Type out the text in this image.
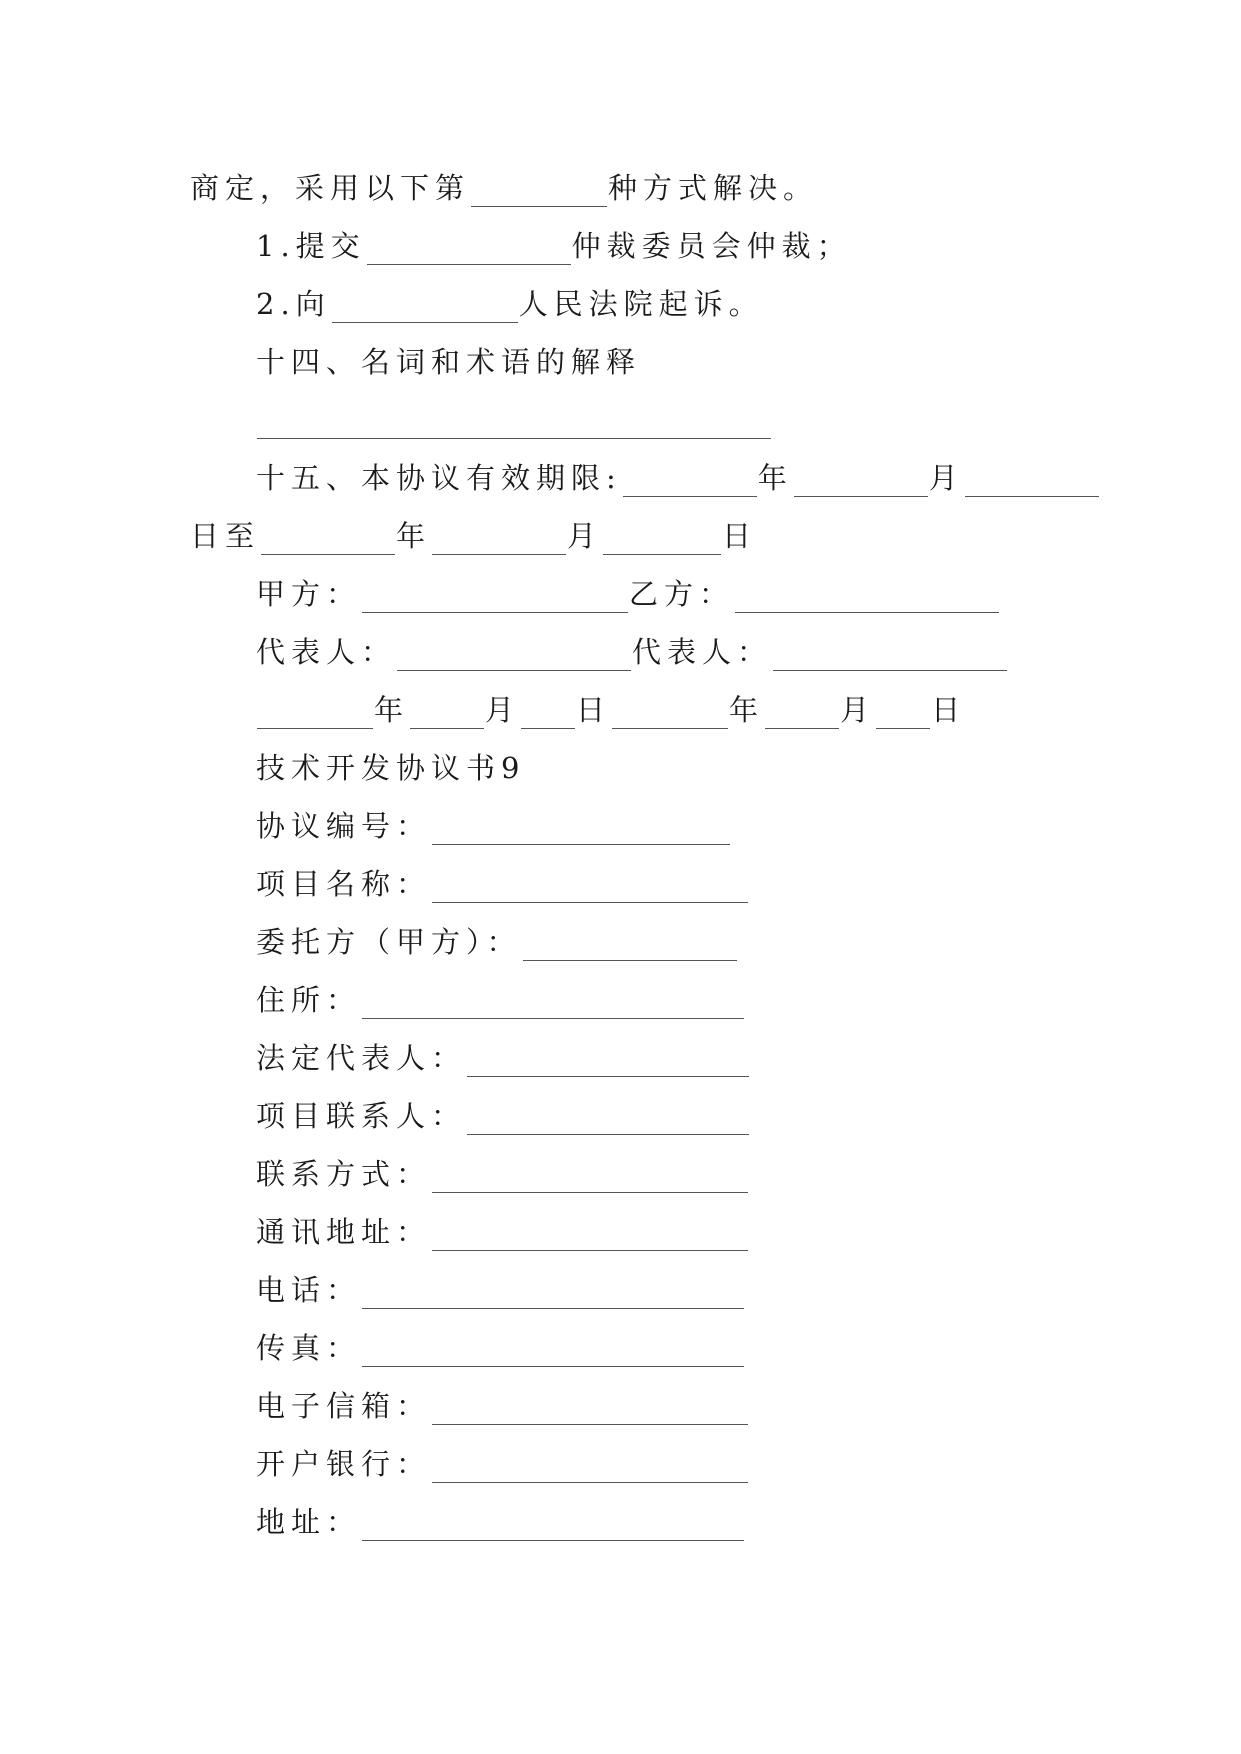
商定，采用以下第	种方式解决。
1.提交	仲裁委员会仲裁；
2.向	人民法院起诉。
十四、名词和术语的解释
十五、本协议有效期限:	年	月
日至	年	月	日
甲方：	乙方：
代表人：	代表人：
年	月 日	年	月 日
技术开发协议书9
协议编号：
项目名称：
委托方（甲方）：
住所：
法定代表人：
项目联系人：
联系方式：
通讯地址：
电话：
传真：
电子信箱：
开户银行：
地址：
